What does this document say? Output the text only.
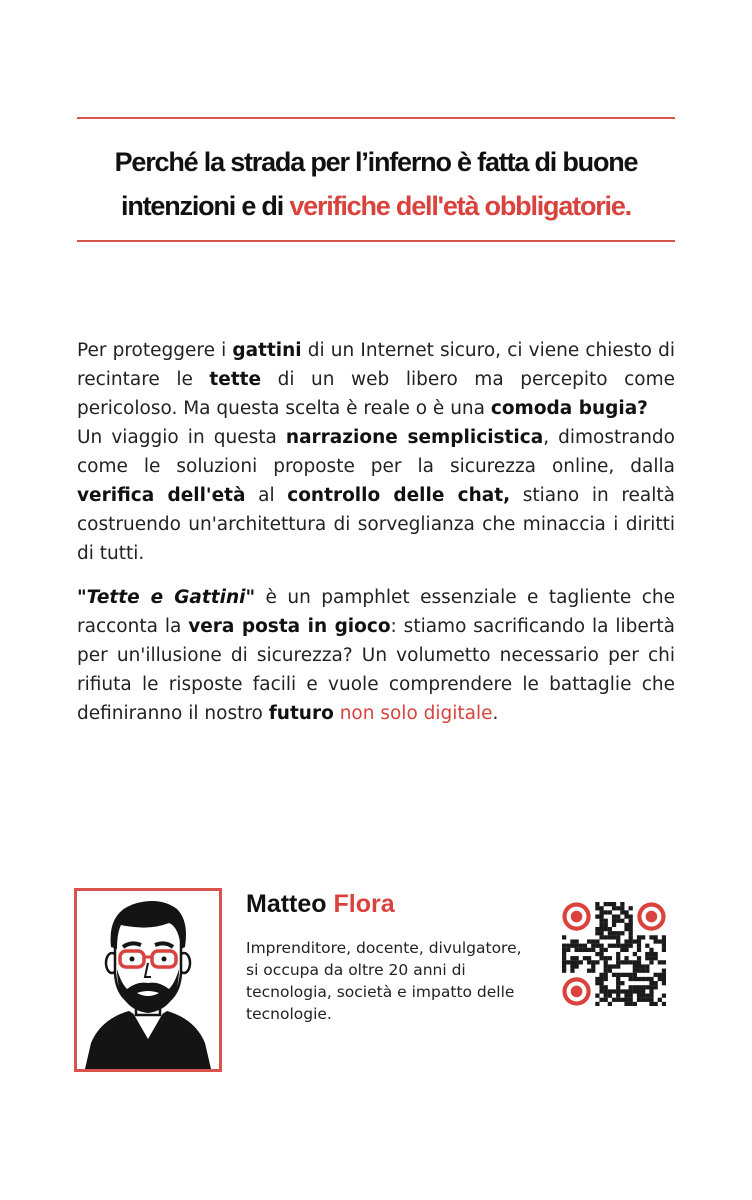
Perché la strada per l’inferno è fatta di buone
intenzioni e di verifiche dell'età obbligatorie.

Per proteggere i gattini di un Internet sicuro, ci viene chiesto di recintare le tette di un web libero ma percepito come pericoloso. Ma questa scelta è reale o è una comoda bugia?

Un viaggio in questa narrazione semplicistica, dimostrando come le soluzioni proposte per la sicurezza online, dalla verifica dell'età al controllo delle chat, stiano in realtà costruendo un'architettura di sorveglianza che minaccia i diritti di tutti.

"Tette e Gattini" è un pamphlet essenziale e tagliente che racconta la vera posta in gioco: stiamo sacrificando la libertà per un'illusione di sicurezza? Un volumetto necessario per chi rifiuta le risposte facili e vuole comprendere le battaglie che definiranno il nostro futuro non solo digitale.

Matteo Flora
Imprenditore, docente, divulgatore, si occupa da oltre 20 anni di tecnologia, società e impatto delle tecnologie.
